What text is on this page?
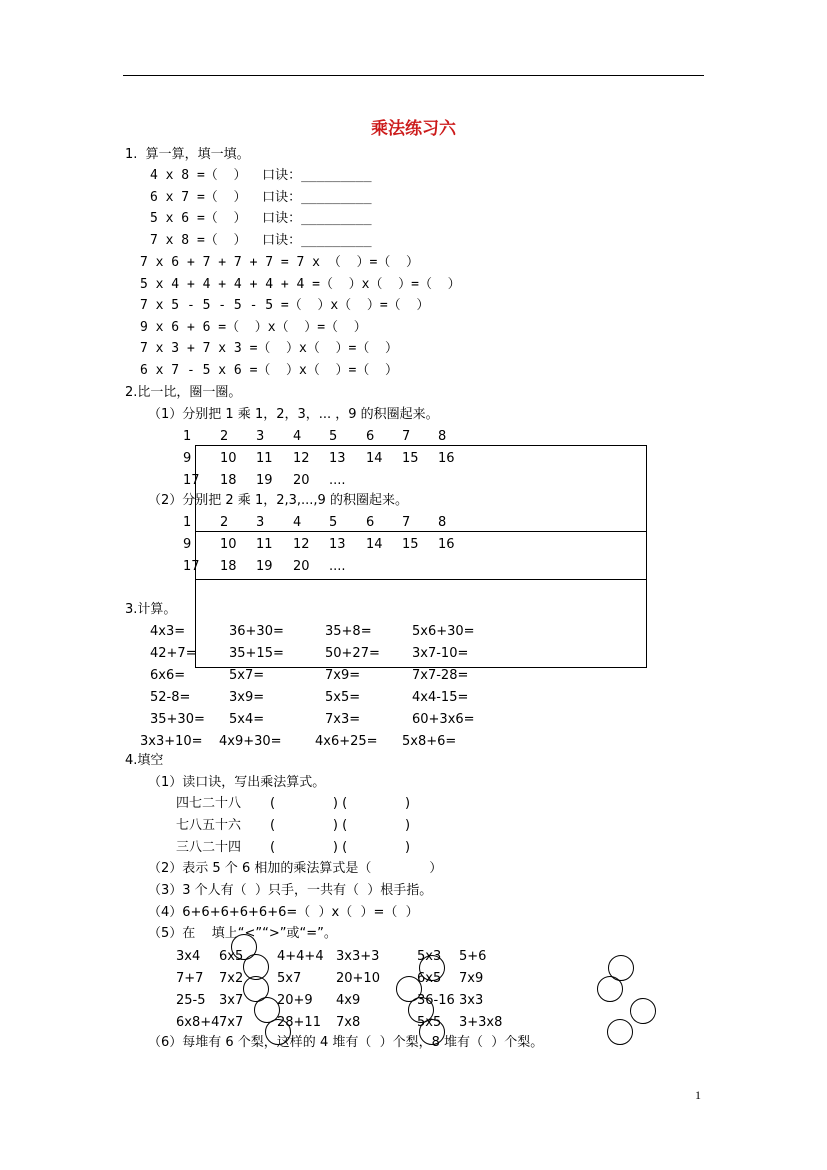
乘法练习六
1.  算一算，填一填。
4 x 8 =（  ）  口诀：_________
6 x 7 =（  ）  口诀：_________
5 x 6 =（  ）  口诀：_________
7 x 8 =（  ）  口诀：_________
7 x 6 + 7 + 7 + 7 = 7 x （  ）=（  ）
5 x 4 + 4 + 4 + 4 + 4 =（  ）x（  ）=（  ）
7 x 5 - 5 - 5 - 5 =（  ）x（  ）=（  ）
9 x 6 + 6 =（  ）x（  ）=（  ）
7 x 3 + 7 x 3 =（  ）x（  ）=（  ）
6 x 7 - 5 x 6 =（  ）x（  ）=（  ）
2.比一比，圈一圈。
（1）分别把 1 乘 1，2，3，... ，9 的积圈起来。
1 2 3 4 5 6 7 8
9 10 11 12 13 14 15 16
17 18 19 20 ....
（2）分别把 2 乘 1，2,3,...,9 的积圈起来。
1 2 3 4 5 6 7 8
9 10 11 12 13 14 15 16
17 18 19 20 ....
3.计算。
4x3=	36+30=	35+8=	5x6+30=
42+7= 35+15=	50+27= 3x7-10=
6x6=	5x7=	7x9=	7x7-28=
52-8=	3x9=	5x5=	4x4-15=
35+30= 5x4=	7x3=	60+3x6=
3x3+10= 4x9+30=	4x6+25= 5x8+6=
4.填空
（1）读口诀，写出乘法算式。
四七二十八 (              ) (              )
七八五十六 (              ) (              )
三八二十四 (              ) (              )
（2）表示 5 个 6 相加的乘法算式是（              ）
（3）3 个人有（  ）只手，一共有（  ）根手指。
（4）6+6+6+6+6+6=（  ）x（  ）=（  ）
（5）在    填上“<”“>”或“=”。
3x4 6x5	4+4+4 3x3+3	5x3 5+6
7+7 7x2	5x7	20+10	6x5 7x9
25-5 3x7	20+9 4x9	36-16 3x3
6x8+4 7x7	28+11 7x8	5x5 3+3x8
（6）每堆有 6 个梨，这样的 4 堆有（  ）个梨，8 堆有（  ）个梨。
1
